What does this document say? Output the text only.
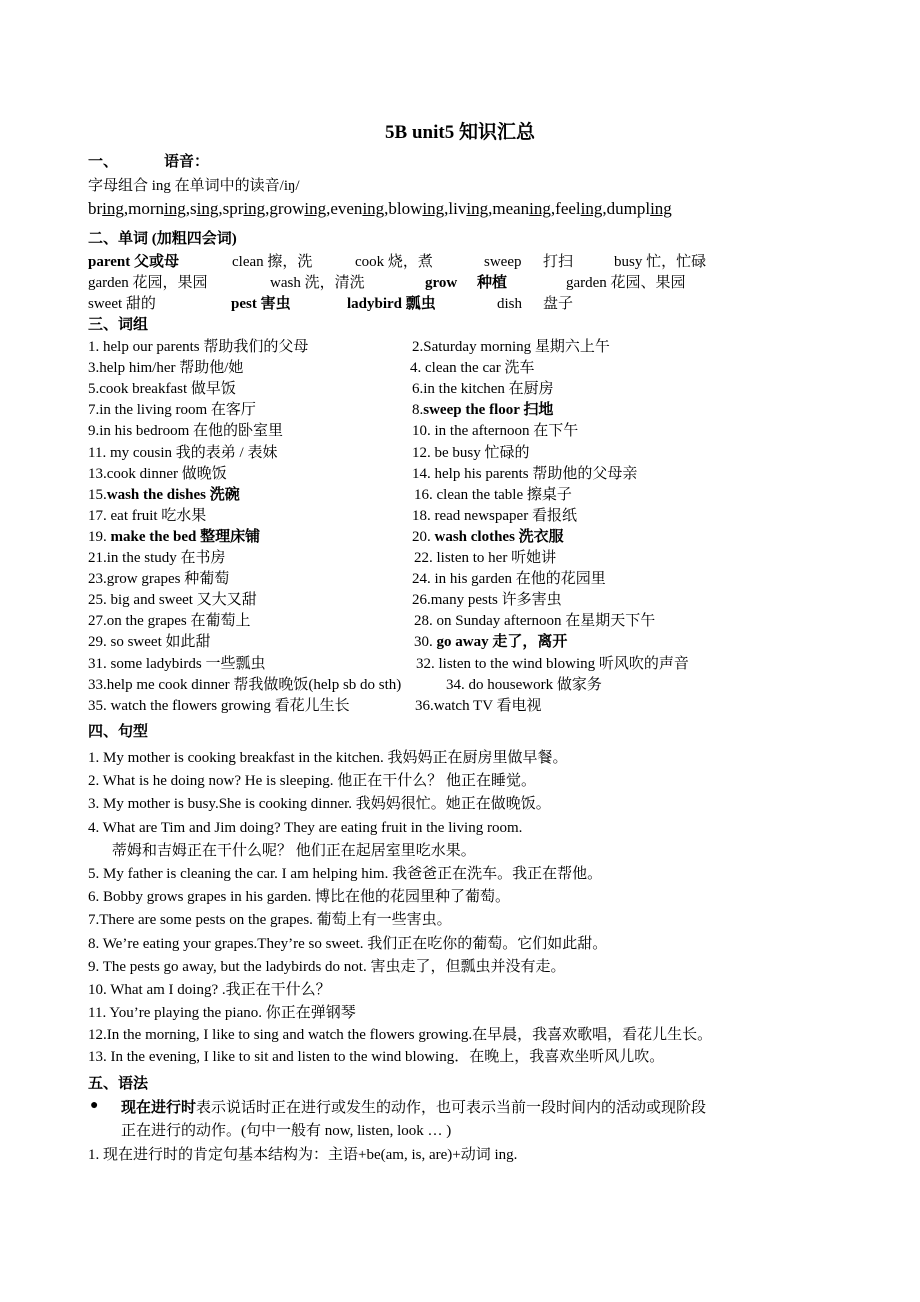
5B unit5 知识汇总
一、	语音：
字母组合 ing 在单词中的读音/iŋ/
bring,morning,sing,spring,growing,evening,blowing,living,meaning,feeling,dumpling
二、单词 (加粗四会词)
parent 父或母	clean 擦，洗	cook 烧，煮	sweep 打扫	busy 忙，忙碌
garden 花园，果园	wash 洗，清洗	grow 种植	garden 花园、果园
sweet 甜的	pest 害虫	ladybird 瓢虫	dish 盘子
三、词组
1. help our parents 帮助我们的父母	2.Saturday morning 星期六上午
3.help him/her 帮助他/她	4. clean the car 洗车
5.cook breakfast 做早饭	6.in the kitchen 在厨房
7.in the living room 在客厅	8.sweep the floor 扫地
9.in his bedroom 在他的卧室里	10. in the afternoon 在下午
11. my cousin 我的表弟 / 表妹	12. be busy 忙碌的
13.cook dinner 做晚饭	14. help his parents 帮助他的父母亲
15.wash the dishes 洗碗	16. clean the table 擦桌子
17. eat fruit 吃水果	18. read newspaper 看报纸
19. make the bed 整理床铺	20. wash clothes 洗衣服
21.in the study 在书房	22. listen to her 听她讲
23.grow grapes 种葡萄	24. in his garden 在他的花园里
25. big and sweet 又大又甜	26.many pests 许多害虫
27.on the grapes 在葡萄上	28. on Sunday afternoon 在星期天下午
29. so sweet 如此甜	30. go away 走了，离开
31. some ladybirds 一些瓢虫	32. listen to the wind blowing 听风吹的声音
33.help me cook dinner 帮我做晚饭(help sb do sth)	34. do housework 做家务
35. watch the flowers growing 看花儿生长	36.watch TV 看电视
四、句型
1. My mother is cooking breakfast in the kitchen. 我妈妈正在厨房里做早餐。
2. What is he doing now? He is sleeping. 他正在干什么？ 他正在睡觉。
3. My mother is busy.She is cooking dinner. 我妈妈很忙。她正在做晚饭。
4. What are Tim and Jim doing? They are eating fruit in the living room.
蒂姆和吉姆正在干什么呢？ 他们正在起居室里吃水果。
5. My father is cleaning the car. I am helping him. 我爸爸正在洗车。我正在帮他。
6. Bobby grows grapes in his garden. 博比在他的花园里种了葡萄。
7.There are some pests on the grapes. 葡萄上有一些害虫。
8. We’re eating your grapes.They’re so sweet. 我们正在吃你的葡萄。它们如此甜。
9. The pests go away, but the ladybirds do not. 害虫走了，但瓢虫并没有走。
10. What am I doing? .我正在干什么？
11. You’re playing the piano. 你正在弹钢琴
12.In the morning, I like to sing and watch the flowers growing.在早晨，我喜欢歌唱，看花儿生长。
13. In the evening, I like to sit and listen to the wind blowing．在晚上，我喜欢坐听风儿吹。
五、语法
● 现在进行时表示说话时正在进行或发生的动作，也可表示当前一段时间内的活动或现阶段
正在进行的动作。(句中一般有 now, listen, look … )
1. 现在进行时的肯定句基本结构为：主语+be(am, is, are)+动词 ing.
